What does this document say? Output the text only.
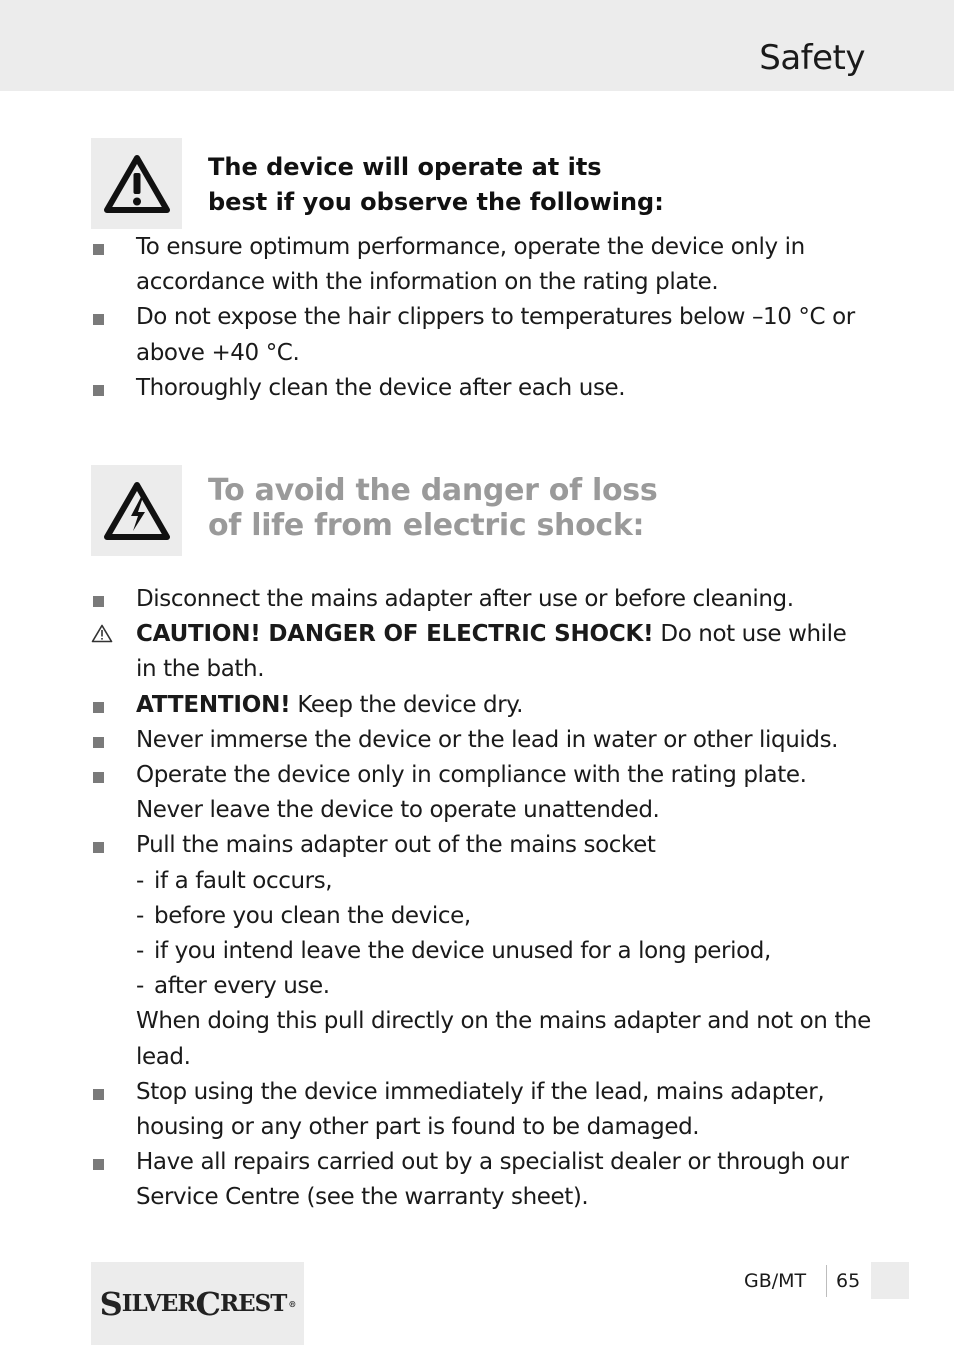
Safety
The device will operate at its
best if you observe the following:
To ensure optimum performance, operate the device only in accordance with the information on the rating plate.
Do not expose the hair clippers to temperatures below –10 °C or above +40 °C.
Thoroughly clean the device after each use.
To avoid the danger of loss
of life from electric shock:
Disconnect the mains adapter after use or before cleaning.
CAUTION! DANGER OF ELECTRIC SHOCK! Do not use while in the bath.
ATTENTION! Keep the device dry.
Never immerse the device or the lead in water or other liquids.
Operate the device only in compliance with the rating plate. Never leave the device to operate unattended.
Pull the mains adapter out of the mains socket
- if a fault occurs,
- before you clean the device,
- if you intend leave the device unused for a long period,
- after every use.
When doing this pull directly on the mains adapter and not on the lead.
Stop using the device immediately if the lead, mains adapter, housing or any other part is found to be damaged.
Have all repairs carried out by a specialist dealer or through our Service Centre (see the warranty sheet).
S ILVER C REST ®
GB/MT 65
